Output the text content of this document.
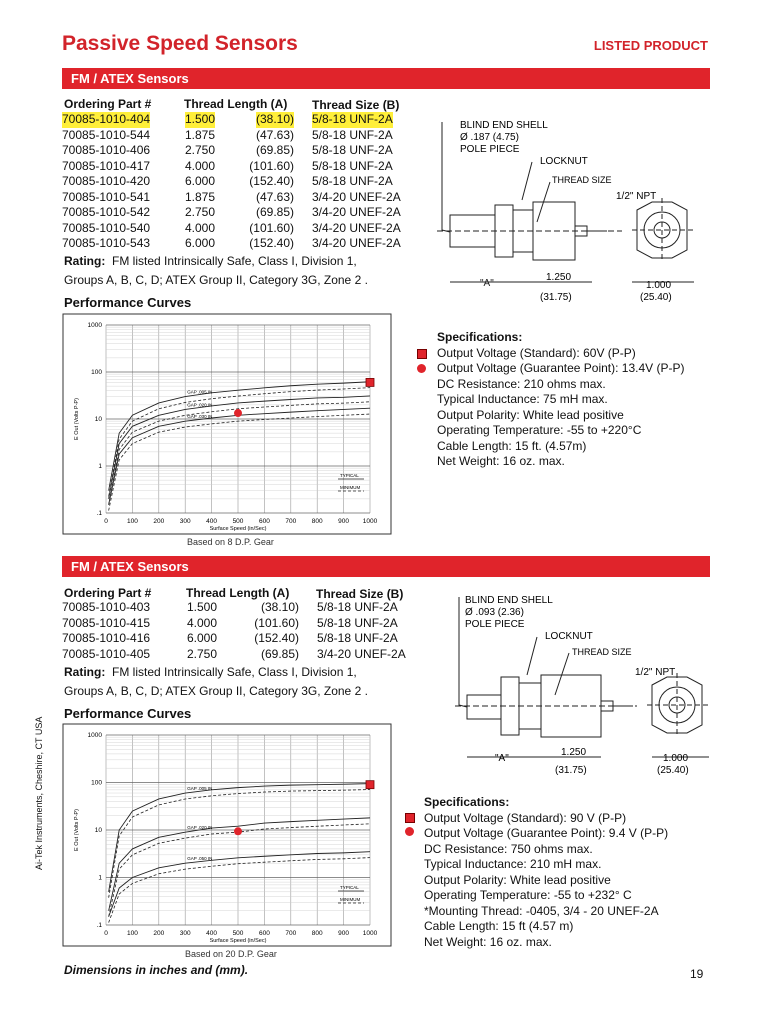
Passive Speed Sensors	LISTED PRODUCT
FM / ATEX Sensors
Ordering Part #	Thread Length (A) Thread Size (B)
70085-1010-404	1.500	(38.10) 5/8-18 UNF-2A
70085-1010-544	1.875	(47.63) 5/8-18 UNF-2A
70085-1010-406	2.750	(69.85) 5/8-18 UNF-2A
70085-1010-417	4.000	(101.60) 5/8-18 UNF-2A
70085-1010-420	6.000	(152.40) 5/8-18 UNF-2A
70085-1010-541	1.875	(47.63) 3/4-20 UNEF-2A
70085-1010-542	2.750	(69.85) 3/4-20 UNEF-2A
70085-1010-540	4.000	(101.60) 3/4-20 UNEF-2A
70085-1010-543	6.000	(152.40) 3/4-20 UNEF-2A
Rating: FM listed Intrinsically Safe, Class I, Division 1,
Groups A, B, C, D; ATEX Group II, Category 3G, Zone 2 .
Performance Curves
0	100 200 300 400 500 600 700 800 900 1000
1000
100
10
1
.1
Surface Speed (in/Sec)
E Out (Volts P-P)
GAP .005 IN
GAP .020 IN
GAP .030 IN
TYPICAL
MINIMUM
Based on 8 D.P. Gear
BLIND END SHELL
Ø .187 (4.75)
POLE PIECE
LOCKNUT
THREAD SIZE
1/2" NPT
"A"
1.250
(31.75)
1.000
(25.40)
Specifications:
Output Voltage (Standard): 60V (P-P)
Output Voltage (Guarantee Point): 13.4V (P-P)
DC Resistance: 210 ohms max.
Typical Inductance: 75 mH max.
Output Polarity: White lead positive
Operating Temperature: -55 to +220°C
Cable Length: 15 ft. (4.57m)
Net Weight: 16 oz. max.
FM / ATEX Sensors
Ordering Part #	Thread Length (A) Thread Size (B)
70085-1010-403	1.500	(38.10) 5/8-18 UNF-2A
70085-1010-415	4.000	(101.60) 5/8-18 UNF-2A
70085-1010-416	6.000	(152.40) 5/8-18 UNF-2A
70085-1010-405	2.750	(69.85) 3/4-20 UNEF-2A
Rating: FM listed Intrinsically Safe, Class I, Division 1,
Groups A, B, C, D; ATEX Group II, Category 3G, Zone 2 .
Performance Curves
0	100 200 300 400 500 600 700 800 900 1000
1000
100
10
1
.1
Surface Speed (in/Sec)
E Out (Volts P-P)
GAP .005 IN
GAP .020 IN
GAP .050 IN
TYPICAL
MINIMUM
Based on 20 D.P. Gear
BLIND END SHELL
Ø .093 (2.36)
POLE PIECE
LOCKNUT
THREAD SIZE
1/2" NPT
"A"
1.250
(31.75)
1.000
(25.40)
Specifications:
Output Voltage (Standard): 90 V (P-P)
Output Voltage (Guarantee Point): 9.4 V (P-P)
DC Resistance: 750 ohms max.
Typical Inductance: 210 mH max.
Output Polarity: White lead positive
Operating Temperature: -55 to +232° C
*Mounting Thread: -0405, 3/4 - 20 UNEF-2A
Cable Length: 15 ft (4.57 m)
Net Weight: 16 oz. max.
Ai-Tek Instruments, Cheshire, CT USA
Dimensions in inches and (mm).	19
